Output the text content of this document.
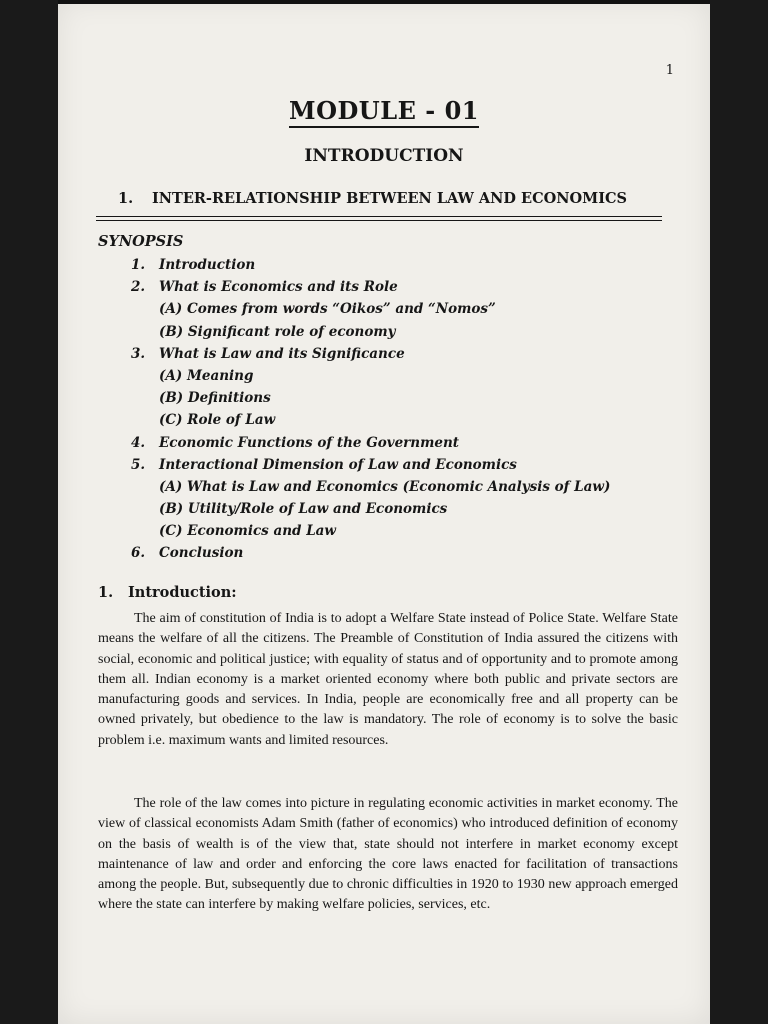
1
MODULE - 01
INTRODUCTION
1. INTER-RELATIONSHIP BETWEEN LAW AND ECONOMICS
SYNOPSIS
1. Introduction
2. What is Economics and its Role
(A) Comes from words “Oikos” and “Nomos”
(B) Significant role of economy
3. What is Law and its Significance
(A) Meaning
(B) Definitions
(C) Role of Law
4. Economic Functions of the Government
5. Interactional Dimension of Law and Economics
(A) What is Law and Economics (Economic Analysis of Law)
(B) Utility/Role of Law and Economics
(C) Economics and Law
6. Conclusion
1. Introduction:

The aim of constitution of India is to adopt a Welfare State instead of Police State. Welfare State means the welfare of all the citizens. The Preamble of Constitution of India assured the citizens with social, economic and political justice; with equality of status and of opportunity and to promote among them all. Indian economy is a market oriented economy where both public and private sectors are manufacturing goods and services. In India, people are economically free and all property can be owned privately, but obedience to the law is mandatory. The role of economy is to solve the basic problem i.e. maximum wants and limited resources.

The role of the law comes into picture in regulating economic activities in market economy. The view of classical economists Adam Smith (father of economics) who introduced definition of economy on the basis of wealth is of the view that, state should not interfere in market economy except maintenance of law and order and enforcing the core laws enacted for facilitation of transactions among the people. But, subsequently due to chronic difficulties in 1920 to 1930 new approach emerged where the state can interfere by making welfare policies, services, etc.
